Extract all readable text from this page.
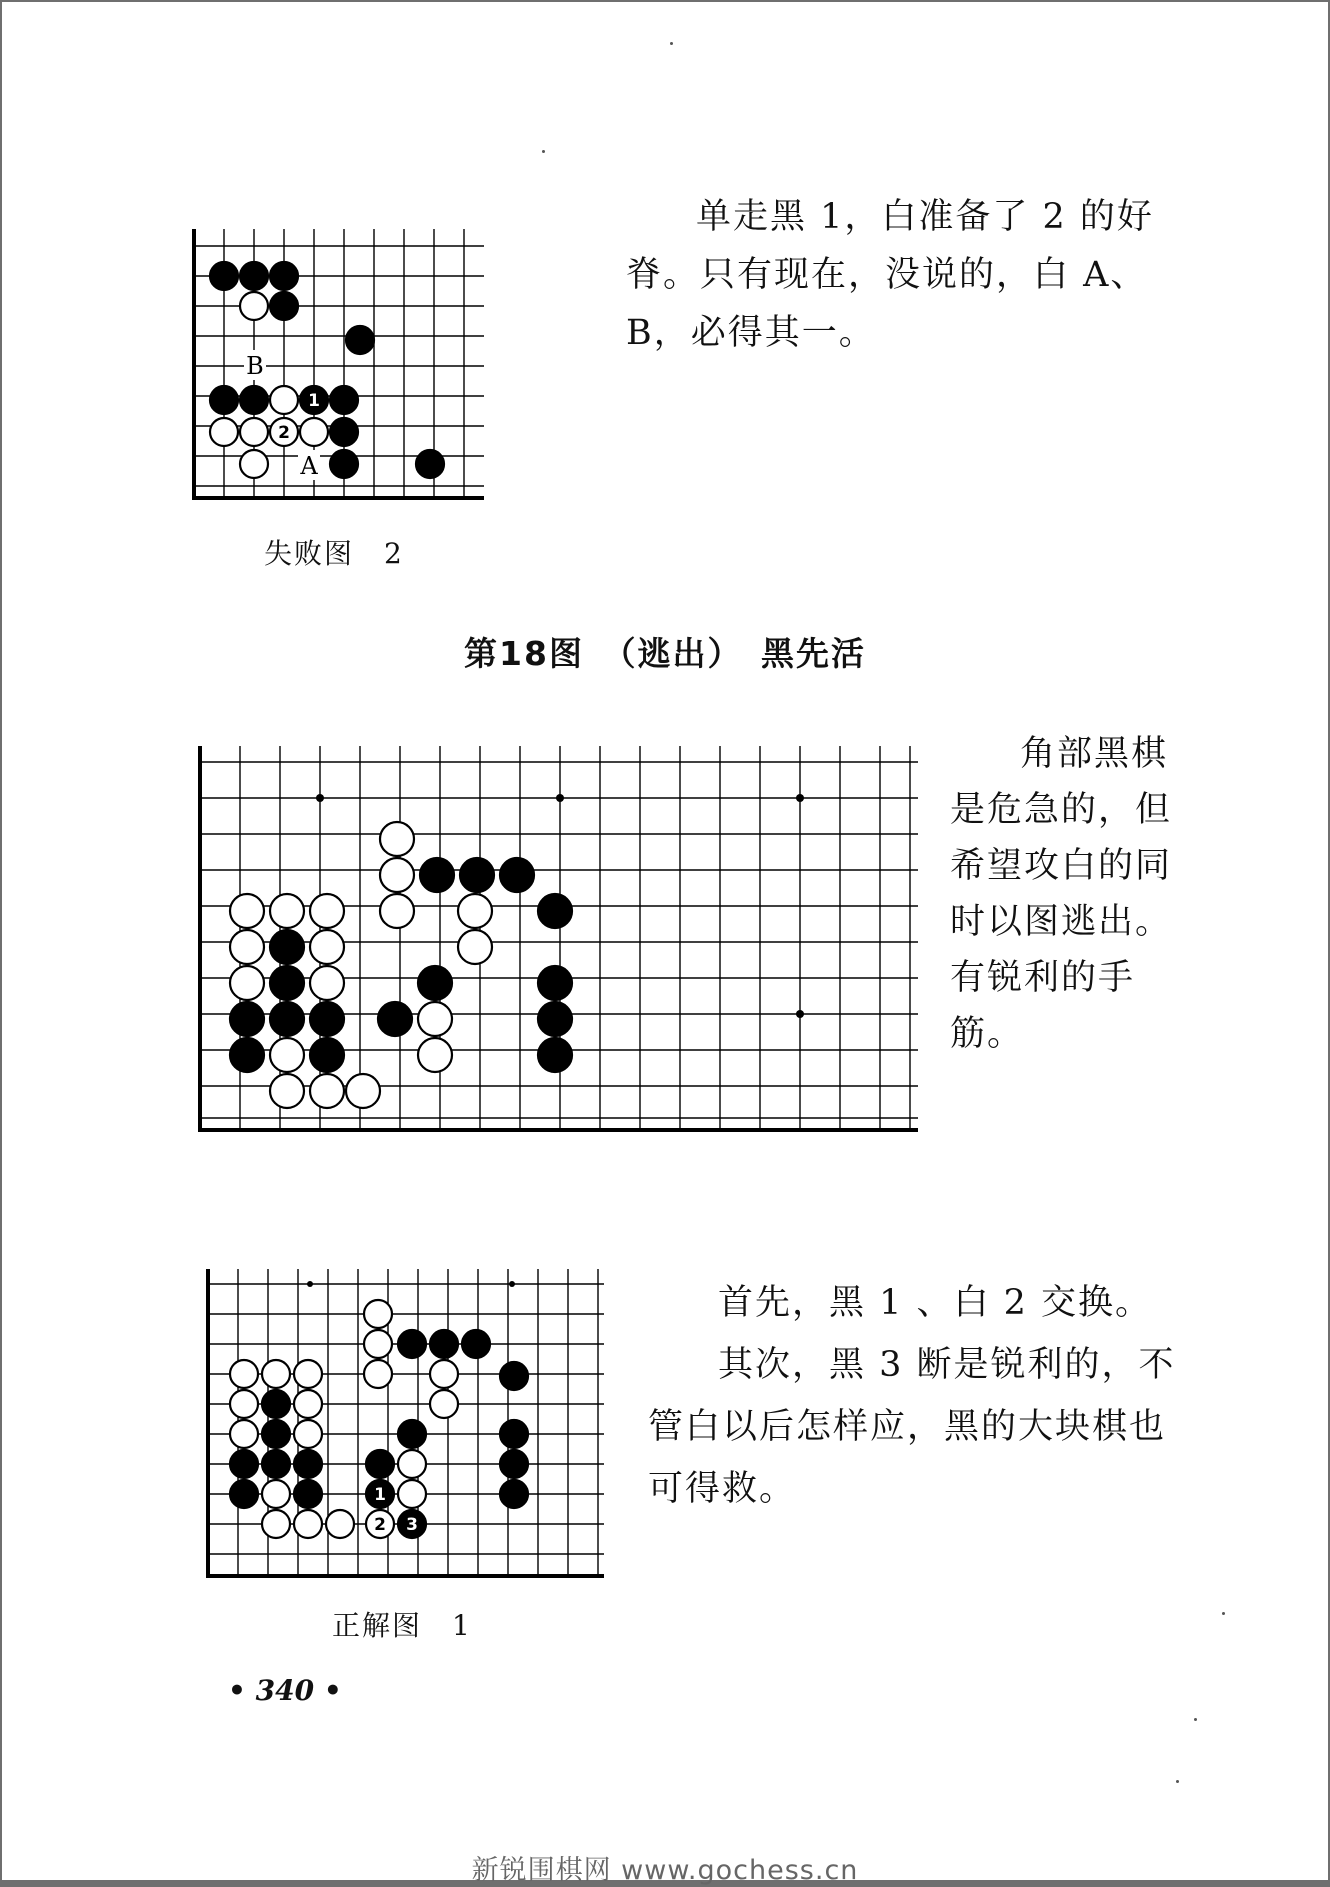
B
A
1
2

单走黑 1，白准备了 2 的好

脊。只有现在，没说的，白 A、

B，必得其一。

失败图　2
第18图　（逃出）　黑先活

角部黑棋

是危急的，但

希望攻白的同

时以图逃出。

有锐利的手

筋。

1
2 3

首先，黑 1 、白 2 交换。

其次，黑 3 断是锐利的，不管白以后怎样应，黑的大块棋也可得救。

正解图　1
• 340 •
新锐围棋网 www.gochess.cn
